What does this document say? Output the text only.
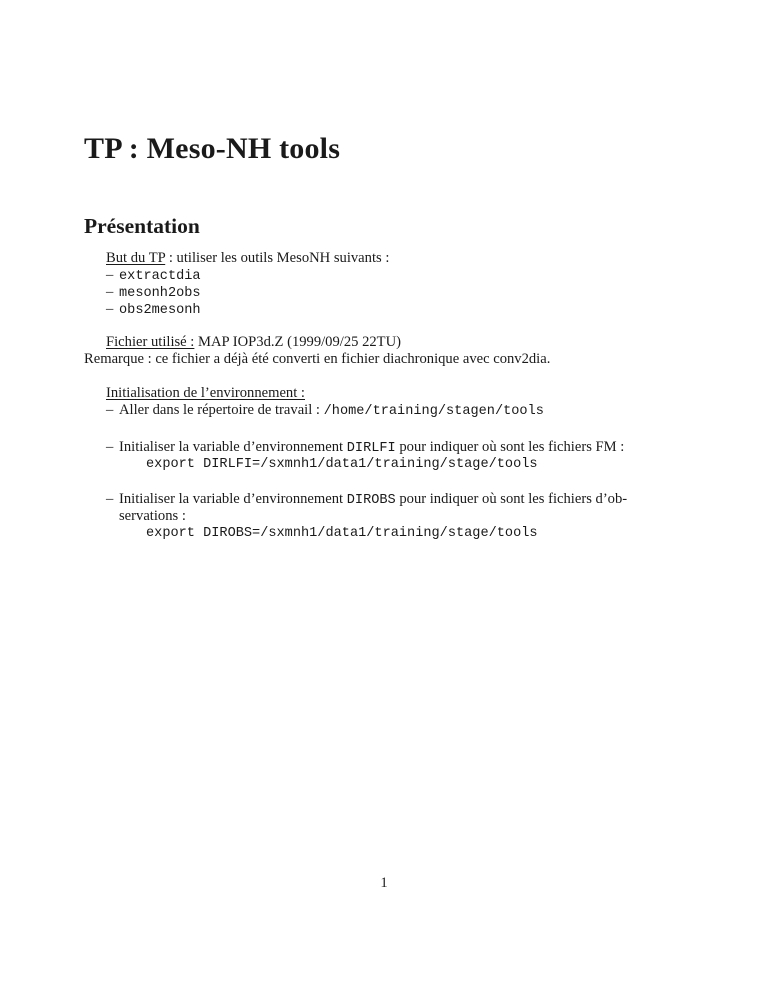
TP : Meso-NH tools
Présentation
But du TP : utiliser les outils MesoNH suivants :
– extractdia
– mesonh2obs
– obs2mesonh
Fichier utilisé : MAP IOP3d.Z (1999/09/25 22TU)
Remarque : ce fichier a déjà été converti en fichier diachronique avec conv2dia.
Initialisation de l’environnement :
– Aller dans le répertoire de travail : /home/training/stagen/tools
– Initialiser la variable d’environnement DIRLFI pour indiquer où sont les fichiers FM :
export DIRLFI=/sxmnh1/data1/training/stage/tools
– Initialiser la variable d’environnement DIROBS pour indiquer où sont les fichiers d’ob-
servations :
export DIROBS=/sxmnh1/data1/training/stage/tools
1
